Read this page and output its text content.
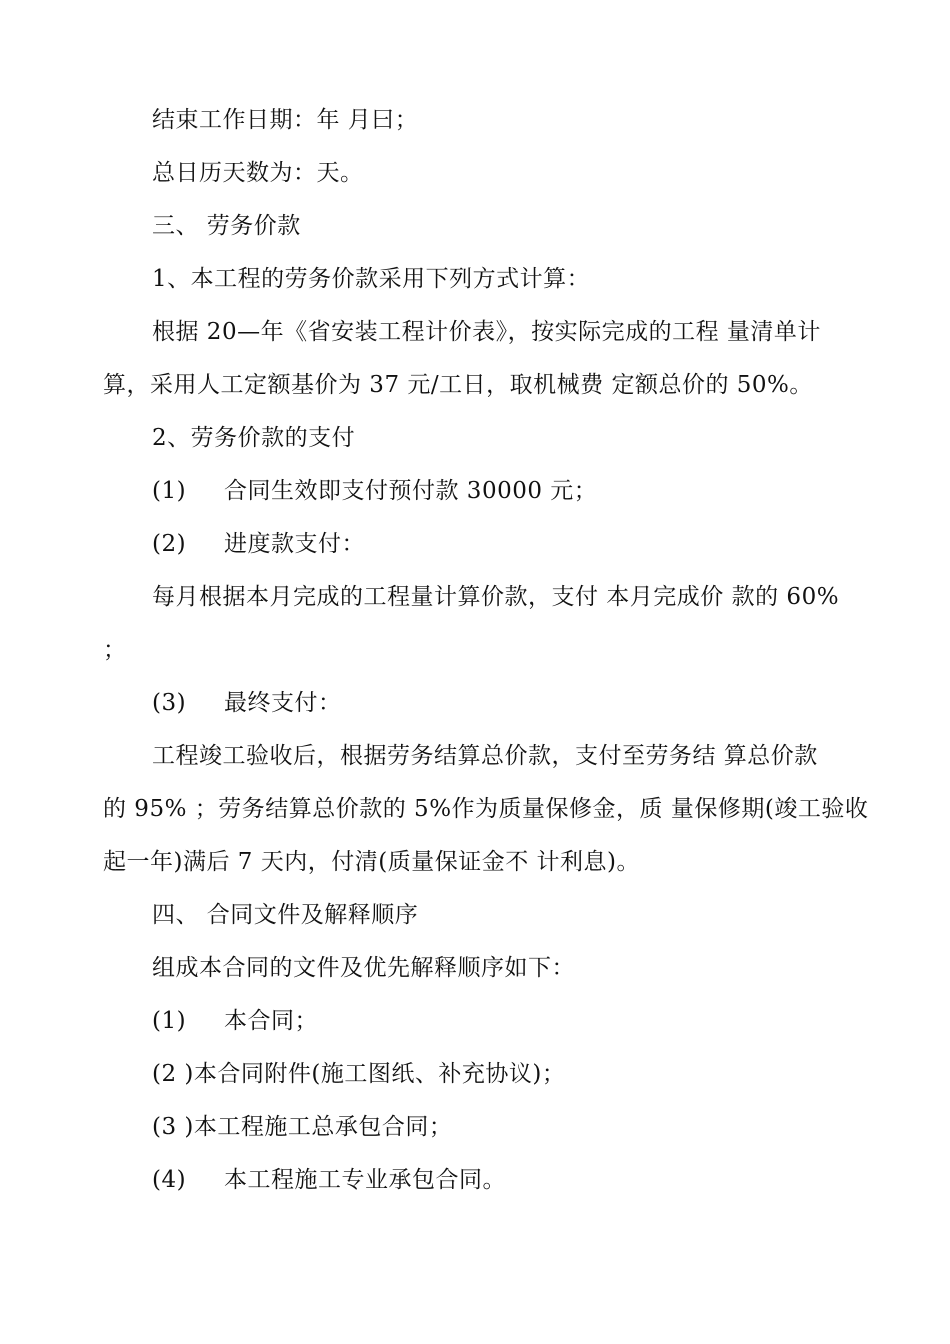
结束工作日期：年 月曰；
总日历天数为：天。
三、 劳务价款
1、本工程的劳务价款采用下列方式计算：
根据 20—年《省安装工程计价表》，按实际完成的工程 量清单计
算，采用人工定额基价为 37 元/工日，取机械费 定额总价的 50%。
2、劳务价款的支付
(1) 合同生效即支付预付款 30000 元；
(2) 进度款支付：
每月根据本月完成的工程量计算价款，支付 本月完成价 款的 60%
；
(3) 最终支付：
工程竣工验收后，根据劳务结算总价款，支付至劳务结 算总价款
的 95% ；劳务结算总价款的 5%作为质量保修金，质 量保修期(竣工验收
起一年)满后 7 天内，付清(质量保证金不 计利息)。
四、 合同文件及解释顺序
组成本合同的文件及优先解释顺序如下：
(1) 本合同；
(2 )本合同附件(施工图纸、补充协议)；
(3 )本工程施工总承包合同；
(4) 本工程施工专业承包合同。
